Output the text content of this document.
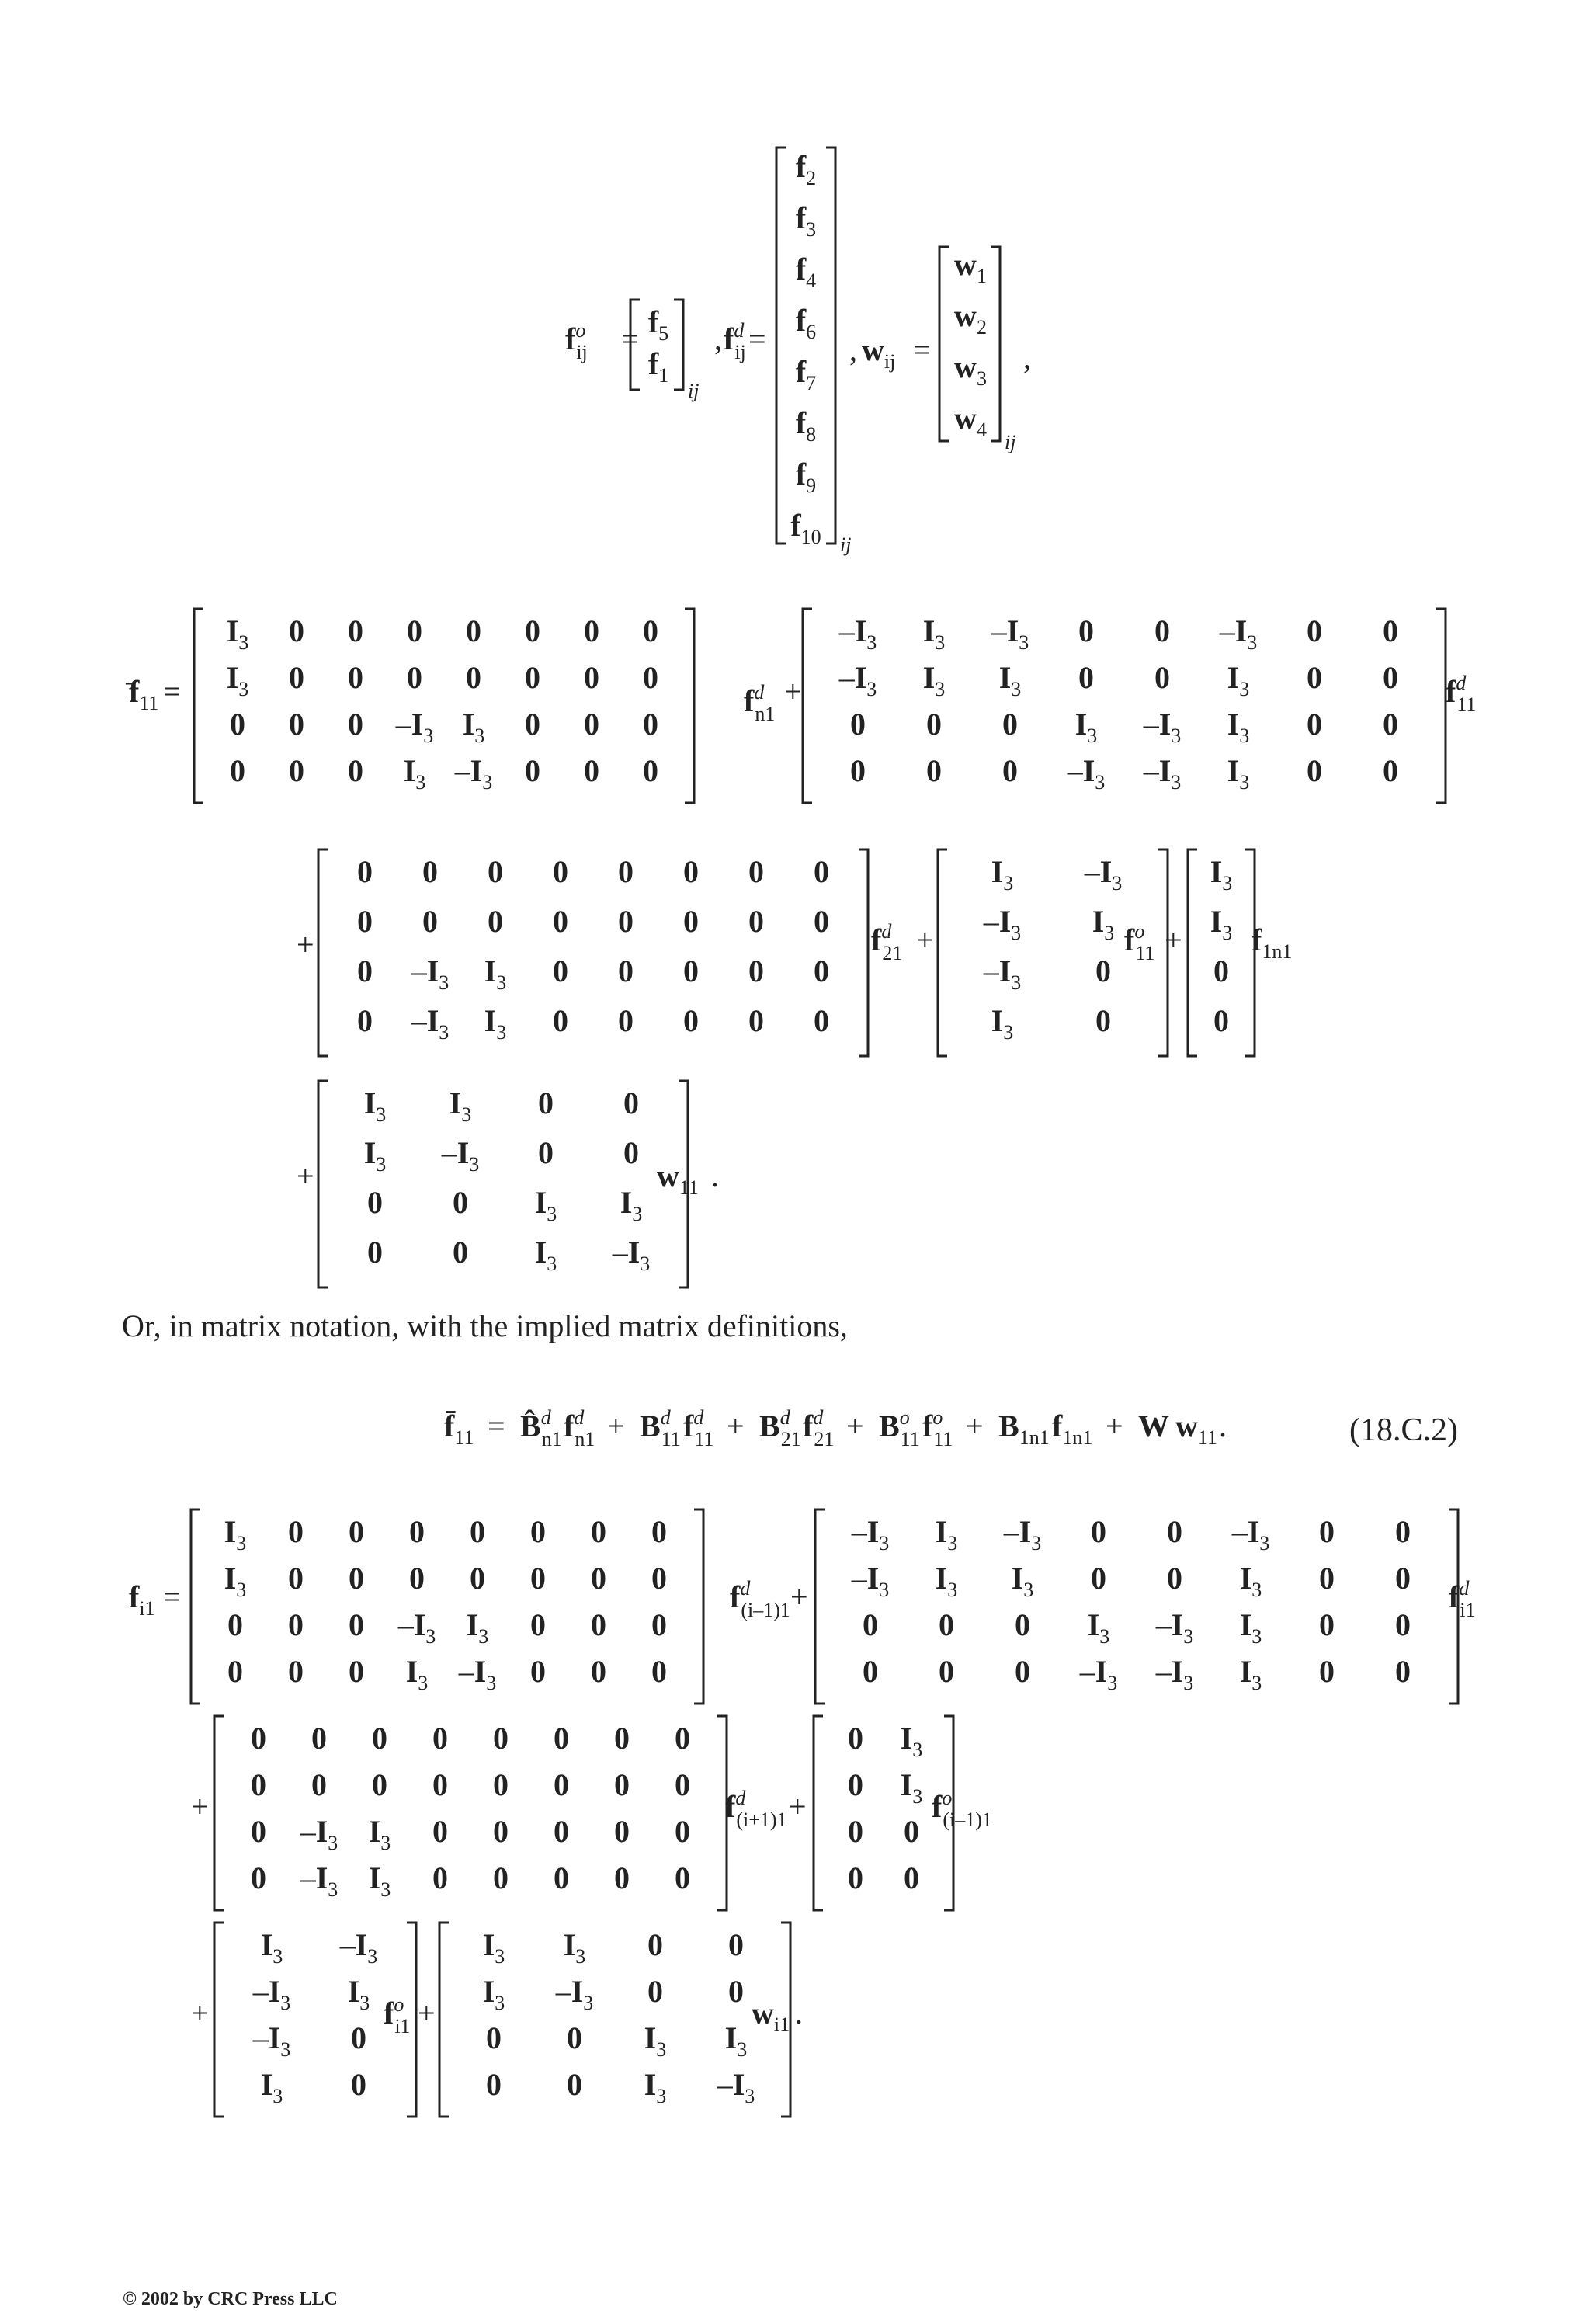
$f^o$ ij = $f_5$
$f_1$
ij
, $f^d$ ij =
$f_2$
$f_3$
$f_4$
$f_6$
$f_7$
$f_8$
$f_9$
$f_{10}$ ij
, $w_{ij}$ =
$w_1$
$w_2$
$w_3$
$w_4$
ij
,
$f_{11}$ =
$I_3$ 0 0 0 0 0 0 0
$I_3$ 0 0 0 0 0 0 0
0 0 0 $-I_3$ $I_3$ 0 0 0
0 0 0 $I_3$ $-I_3$ 0 0 0
$f^d$ n1
+
$-I_3$ $I_3$ $-I_3$ 0 0 $-I_3$ 0 0
$-I_3$ $I_3$ $I_3$ 0 0 $I_3$ 0 0
0 0 0 $I_3$ $-I_3$ $I_3$ 0 0
0 0 0 $-I_3$ $-I_3$ $I_3$ 0 0
$f^d$ 11
+
0 0 0 0 0 0 0 0
0 0 0 0 0 0 0 0
0 $-I_3$ $I_3$ 0 0 0 0 0
0 $-I_3$ $I_3$ 0 0 0 0 0
$f^d$ 21 +
$I_3$ $-I_3$
$-I_3$ $I_3$
$-I_3$ 0
$I_3$	0
$f^o$ 11 +
$I_3$
$I_3$
0
0
$f_{1n1}$
+
$I_3$ $I_3$ 0 0
$I_3$ $-I_3$ 0 0
0 0 $I_3$ $I_3$
0 0 $I_3$ $-I_3$
$w_{11}$ .
$f̄_{11}$ = B̂$^d$ n1 $f^d$ $n1 + B^d$ 11 $f^d$ $11 + B^d$ 21 $f^d$ $21 + B^o$ 11 $f^o$ $11 + B_{1n1}$ $f_{1n1} + W$ $w_{11}$ .
$f_{i1}$ =
$I_3$ 0 0 0 0 0 0 0
$I_3$ 0 0 0 0 0 0 0
0 0 0 $-I_3$ $I_3$ 0 0 0
0 0 0 $I_3$ $-I_3$ 0 0 0
$f^d$ (i–1)1 +
$-I_3$ $I_3$ $-I_3$ 0 0 $-I_3$ 0 0
$-I_3$ $I_3$ $I_3$ 0 0 $I_3$ 0 0
0 0 0 $I_3$ $-I_3$ $I_3$ 0 0
0 0 0 $-I_3$ $-I_3$ $I_3$ 0 0
$f^d$ i1
+
0 0 0 0 0 0 0 0
0 0 0 0 0 0 0 0
0 $-I_3$ $I_3$ 0 0 0 0 0
0 $-I_3$ $I_3$ 0 0 0 0 0
$f^d$ (i+1)1 +
0 $I_3$
0 $I_3$
0 0
0 0
$f^o$ (i–1)1
+
$I_3$ $-I_3$
$-I_3$ $I_3$
$-I_3$ 0
$I_3$ 0
$f^o$ i1 +
$I_3$ $I_3$ 0 0
$I_3$ $-I_3$ 0 0
0 0 $I_3$ $I_3$
0 0 $I_3$ $-I_3$
$w_{i1}$ .
Or, in matrix notation, with the implied matrix definitions,
(18.C.2)
© 2002 by CRC Press LLC
